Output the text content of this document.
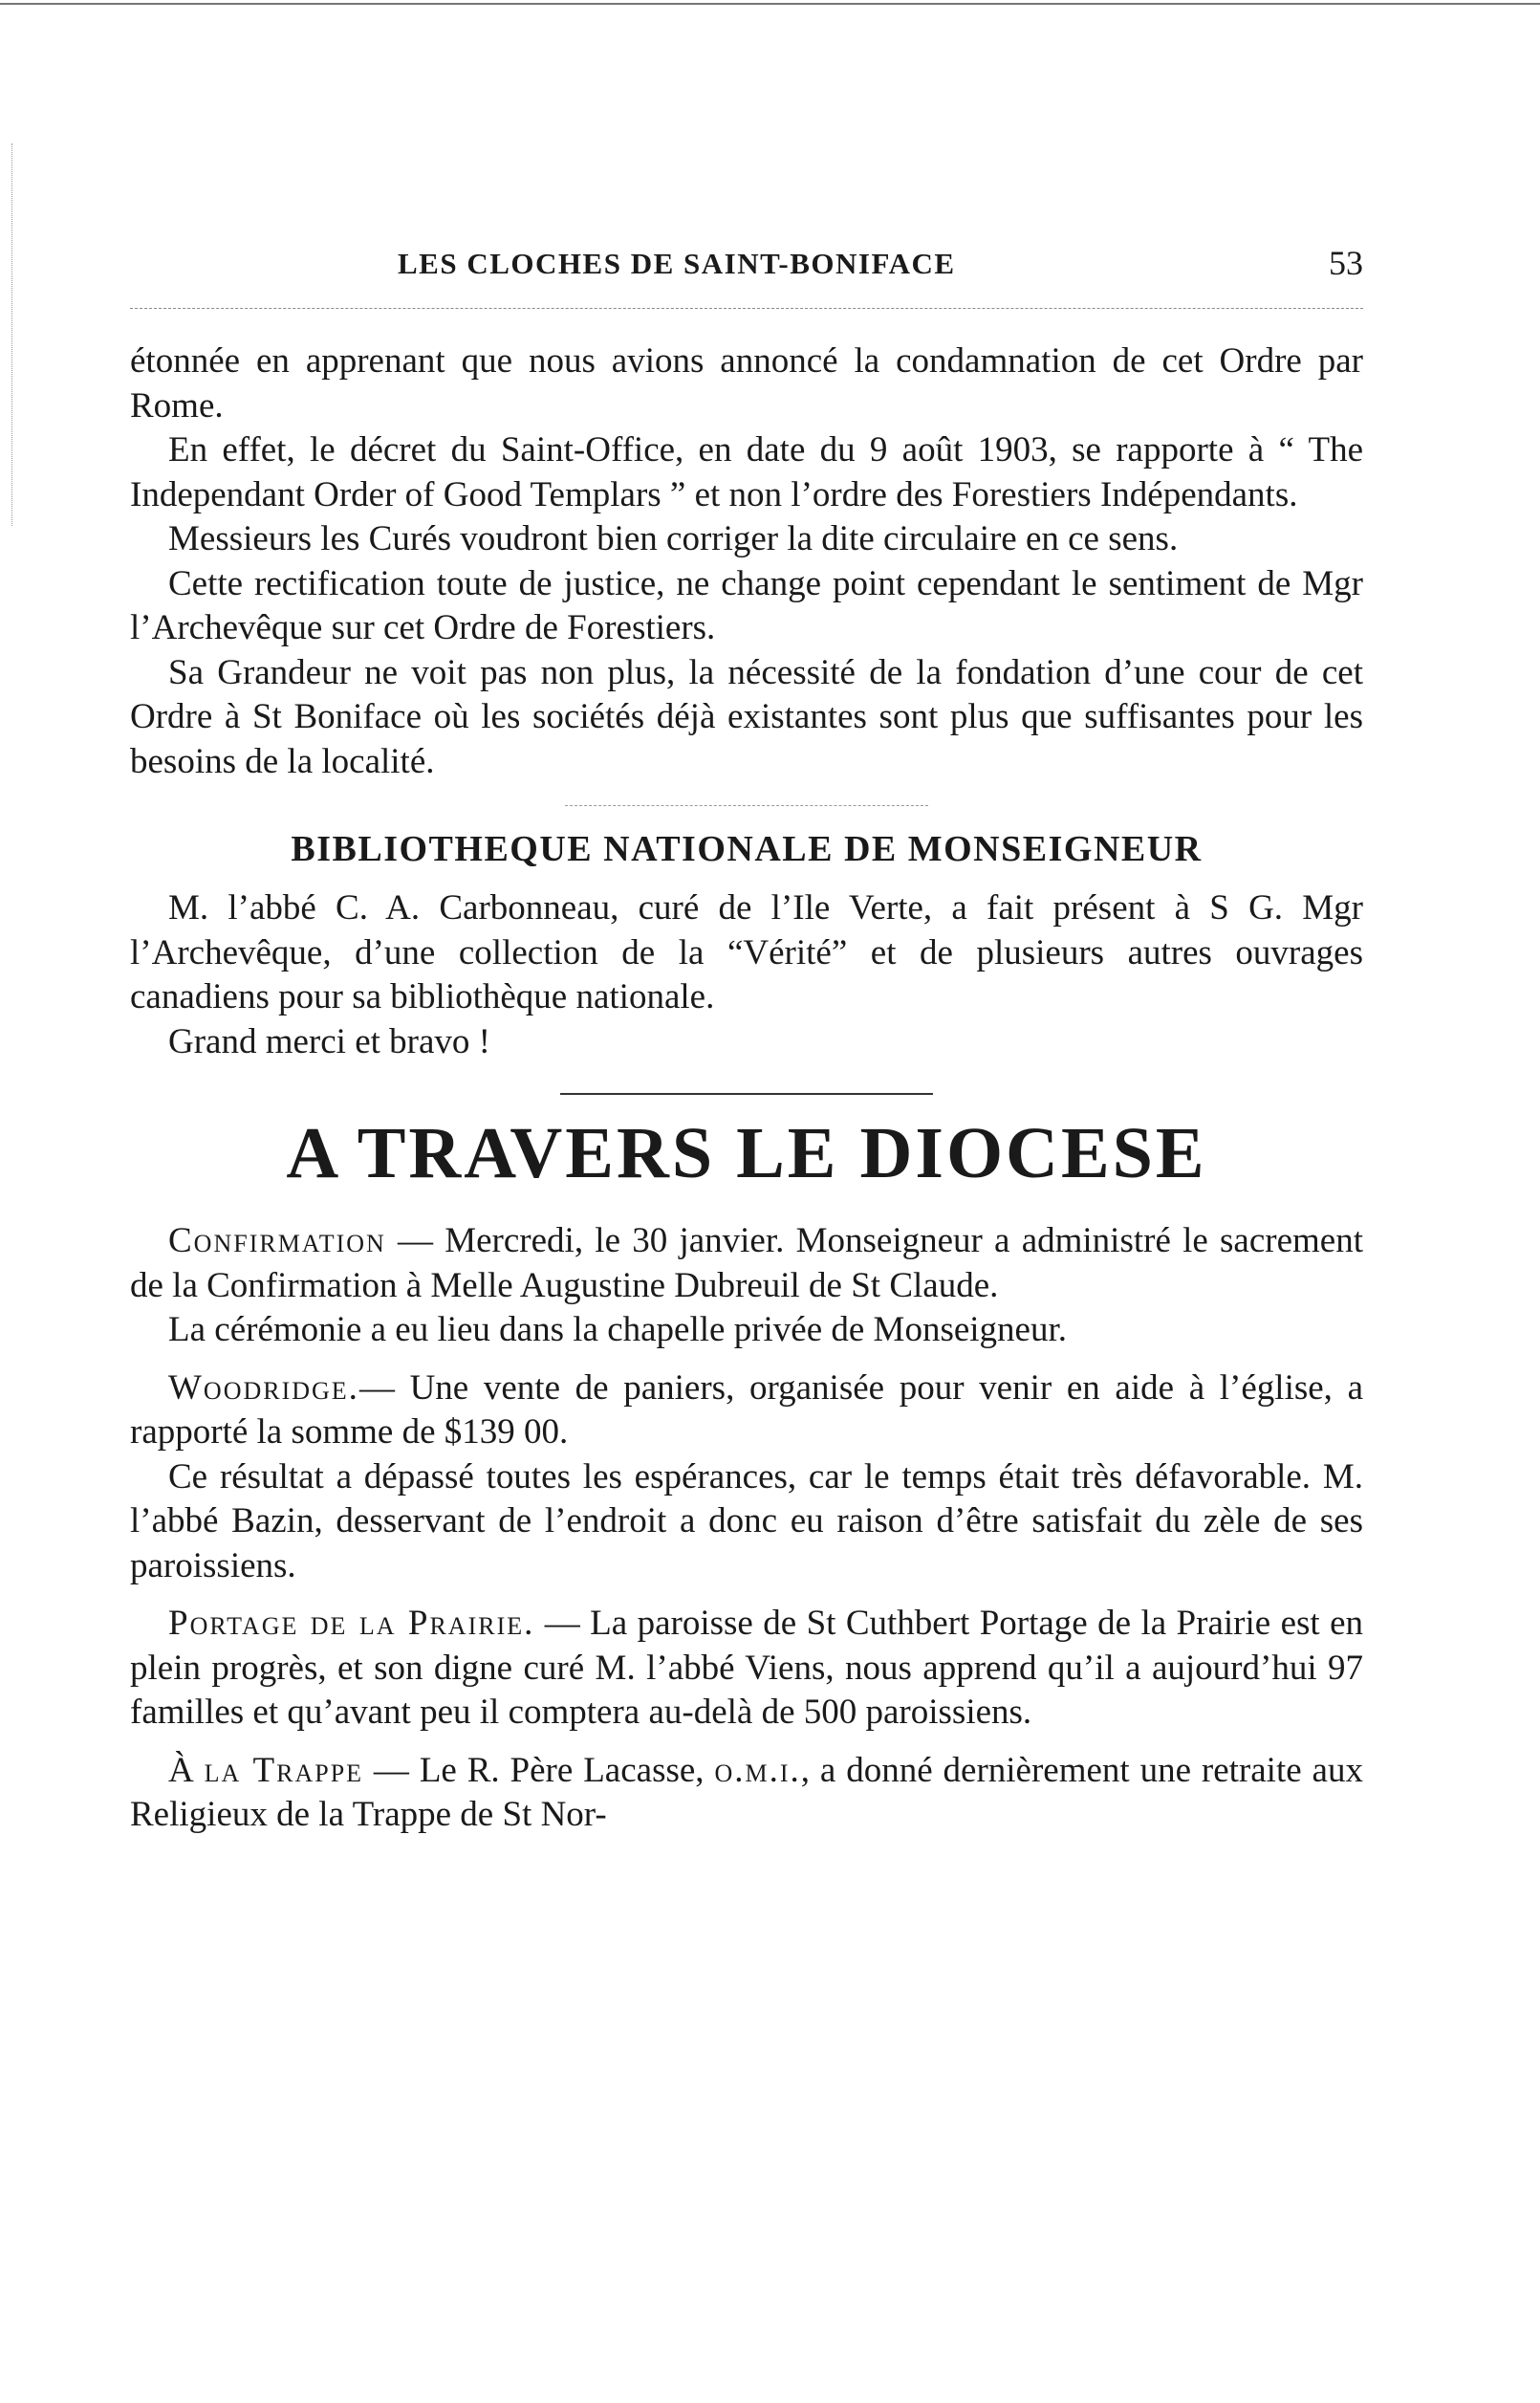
LES CLOCHES DE SAINT-BONIFACE	53

étonnée en apprenant que nous avions annoncé la condamnation de cet Ordre par Rome.

En effet, le décret du Saint-Office, en date du 9 août 1903, se rapporte à “ The Independant Order of Good Templars ” et non l’ordre des Forestiers Indépendants.

Messieurs les Curés voudront bien corriger la dite circulaire en ce sens.

Cette rectification toute de justice, ne change point cependant le sentiment de Mgr l’Archevêque sur cet Ordre de Forestiers.

Sa Grandeur ne voit pas non plus, la nécessité de la fondation d’une cour de cet Ordre à St Boniface où les sociétés déjà existantes sont plus que suffisantes pour les besoins de la localité.

BIBLIOTHEQUE NATIONALE DE MONSEIGNEUR

M. l’abbé C. A. Carbonneau, curé de l’Ile Verte, a fait présent à S G. Mgr l’Archevêque, d’une collection de la “Vérité” et de plusieurs autres ouvrages canadiens pour sa bibliothèque nationale.

Grand merci et bravo !

A TRAVERS LE DIOCESE

Confirmation — Mercredi, le 30 janvier. Monseigneur a administré le sacrement de la Confirmation à Melle Augustine Dubreuil de St Claude.

La cérémonie a eu lieu dans la chapelle privée de Monseigneur.

Woodridge.— Une vente de paniers, organisée pour venir en aide à l’église, a rapporté la somme de $139 00.

Ce résultat a dépassé toutes les espérances, car le temps était très défavorable. M. l’abbé Bazin, desservant de l’endroit a donc eu raison d’être satisfait du zèle de ses paroissiens.

Portage de la Prairie. — La paroisse de St Cuthbert Portage de la Prairie est en plein progrès, et son digne curé M. l’abbé Viens, nous apprend qu’il a aujourd’hui 97 familles et qu’avant peu il comptera au-delà de 500 paroissiens.

À la Trappe — Le R. Père Lacasse, o.m.i., a donné dernièrement une retraite aux Religieux de la Trappe de St Nor-
